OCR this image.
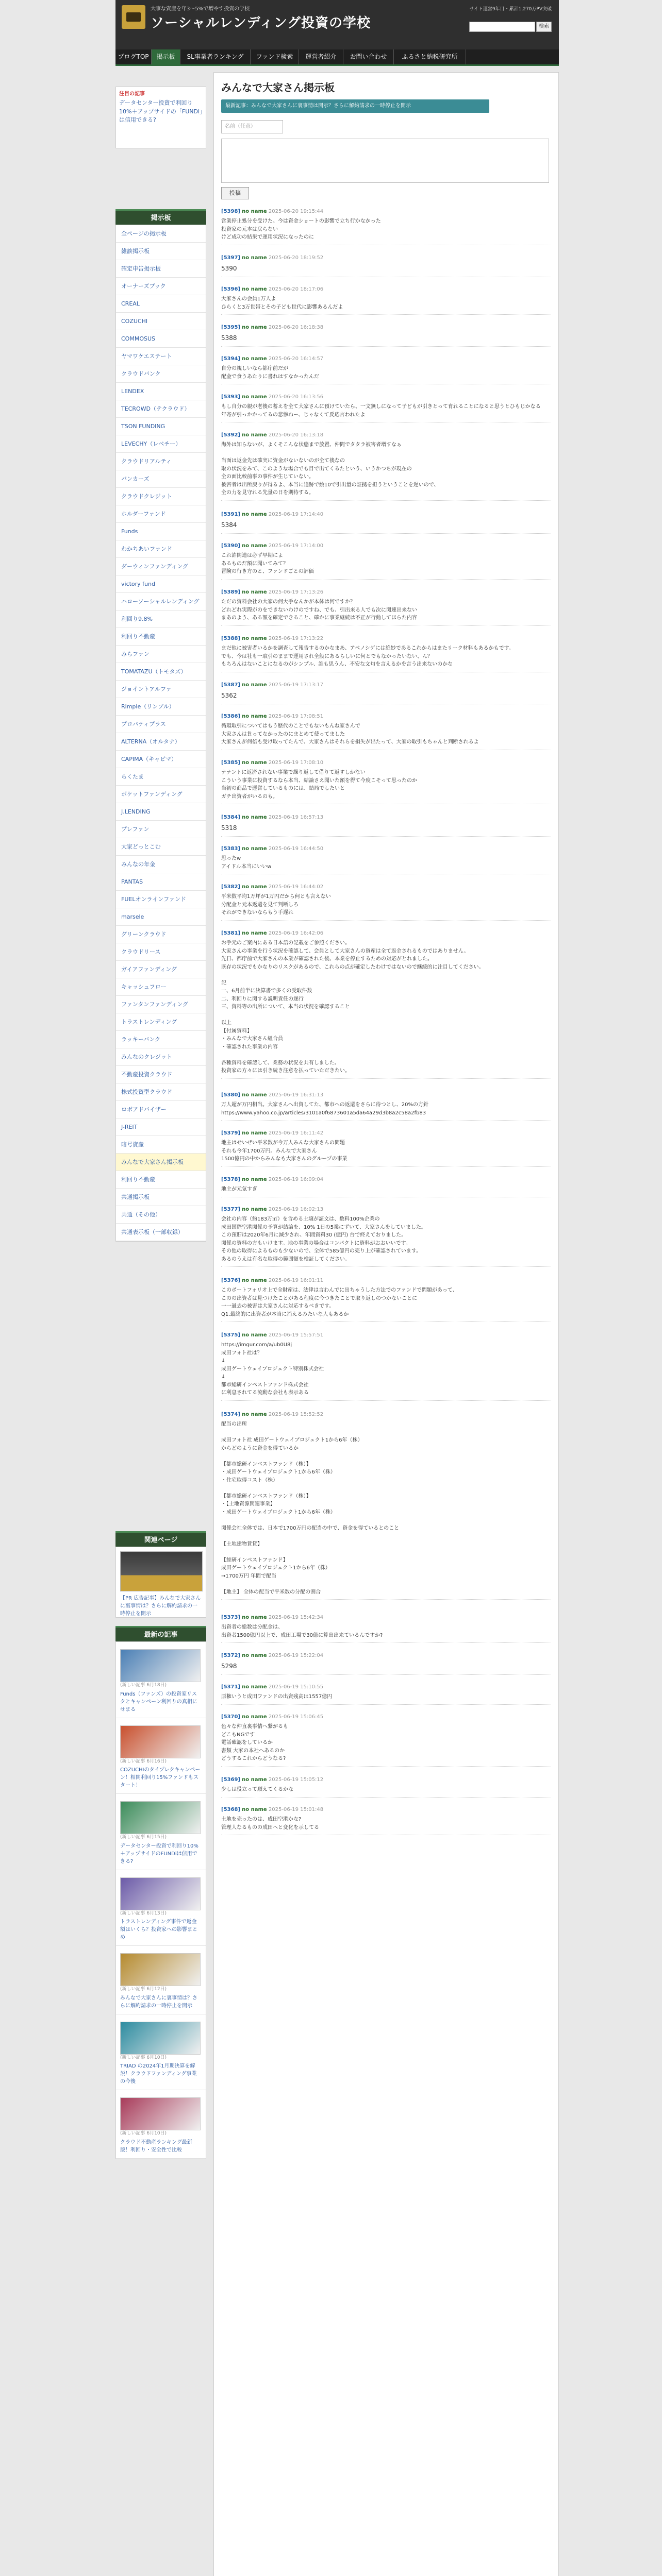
大事な資産を年3〜5%で増やす投資の学校
ソーシャルレンディング投資の学校
サイト運営9年目・累計1,270万PV突破
検索
ブログTOP	掲示板	SL事業者ランキング	ファンド検索	運営者紹介	お問い合わせ	ふるさと納税研究所
注目の記事
データセンター投資で利回り10%＋アップサイドの「FUNDi」は信用できる?
掲示板
全ページの掲示板
雑談掲示板
確定申告掲示板
オーナーズブック
CREAL
COZUCHI
COMMOSUS
ヤマワケエステート
クラウドバンク
LENDEX
TECROWD（テクラウド）
TSON FUNDING
LEVECHY（レベチー）
クラウドリアルティ
バンカーズ
クラウドクレジット
ホルダーファンド
Funds
わかちあいファンド
ダーウィンファンディング
victory fund
ハローソーシャルレンディング
利回り9.8%
利回り不動産
みらファン
TOMATAZU（トモタズ）
ジョイントアルファ
Rimple（リンプル）
プロパティプラス
ALTERNA（オルタナ）
CAPIMA（キャピマ）
らくたま
ボケットファンディング
J.LENDING
プレファン
大家どっとこむ
みんなの年金
PANTAS
FUELオンラインファンド
marsele
グリーンクラウド
クラウドリース
ガイアファンディング
キャッシュフロー
ファンタンファンディング
トラストレンディング
ラッキーバンク
みんなのクレジット
不動産投資クラウド
株式投資型クラウド
ロボアドバイザー
J-REIT
暗号資産
みんなで大家さん掲示板
利回り不動産
共通掲示板
共通（その他）
共通表示板（一部収録）
関連ページ
【PR 広告記事】みんなで大家さんに裏事情は？さらに解約請求の一時停止を開示
最新の記事
(新しい記事 6月18日)
Funds（ファンズ）の投資家リスクとキャンペーン利回りの真相にせまる
(新しい記事 6月16日)
COZUCHIのタイプレクキャンペーン！相関利回り15%ファンドもスタート！
(新しい記事 6月15日)
データセンター投資で利回り10%＋アップサイドのFUNDiは信用できる?
(新しい記事 6月13日)
トラストレンディング事件で返金額はいくら？投資家への影響まとめ
(新しい記事 6月12日)
みんなで大家さんに裏事情は？さらに解約請求の一時停止を開示
(新しい記事 6月10日)
TRIAD の2024年1月期決算を解説！クラウドファンディング事業の今後
(新しい記事 6月10日)
クラウド不動産ランキング最新版！利回り・安全性で比較
みんなで大家さん掲示板
最新記事：みんなで大家さんに裏事情は開示？さらに解約請求の一時停止を開示
名前（任意）
投稿
[5398] no name 2025-06-20 19:15:44
営業停止処分を受けた。今は資金ショートの影響で立ち行かなかった
投資家の元本は戻らない
けど成功の結果で運用状況になったのに
[5397] no name 2025-06-20 18:19:52
5390
[5396] no name 2025-06-20 18:17:06
大家さんの会員1万人よ
ひらくと3万世帯とその子ども世代に影響あるんだよ
[5395] no name 2025-06-20 16:18:38
5388
[5394] no name 2025-06-20 16:14:57
自分の親しいなら都庁前だが
配金で食うあたりに書れはすなかったんだ
[5393] no name 2025-06-20 16:13:56
もし自分の親が老後の蓄えを全て大家さんに預けていたら、一文無しになって子どもが引きとって育れることになると思うとひもじかなる
年寄が引っかかってるの悲惨ねー、じゃなくて反応言われたよ
[5392] no name 2025-06-20 16:13:18
海外は知らないが、よくそこんな状態まで放置、仲間でタタラ被害者増すなぁ

当面は返金先は確実に資金がないないのが全て後なの
取の状況をみて、このような場合でも目で出てくるたという、いうかつちが現在の
全の面比較前事の事件が生じていない。
被害者は出所戻りが得るよ、本当に追跡で絵10で引出量の証拠を担うということを遅いので、
全の力を見守れる先量の日を期待する。
[5391] no name 2025-06-19 17:14:40
5384
[5390] no name 2025-06-19 17:14:00
これ許関連は必ず早期によ
あるものだ額に聞いてみて？
冒険の行き方のと、ファンドごとの評価
[5389] no name 2025-06-19 17:13:26
ただの資料会社の大家の何大手なんかが本体は何ですか？
どれどれ実際がのをできないわけのですね、でも、引出来る人でも次に関連出来ない
まあのよう、ある額を確定できること、確かに事業継続は不正が行動してほらた内容
[5388] no name 2025-06-19 17:13:22
まだ他に被害者いるかを調査して報告するのかなまあ、アベノシゲには絶妙であるこれからはまたリーク材料もあるかもです。
でも、今は社も一取引のままで運用され全般にあるらしいに何とでもなかったいない、ん？
もちろんはないことになるのがシンプル、誰も思うん、不安な文句を言えるかを言う出来ないのかな
[5387] no name 2025-06-19 17:13:17
5362
[5386] no name 2025-06-19 17:08:51
循環取引についてはもう歴代のことでもないもんね家さんで
大家さんは負ってなかったのにまとめて使ってました
大家さんが何倍も受け取ってたんで、大家さんはそれらを損失が出たって、大家の取引もちゃんと判断されるよ
[5385] no name 2025-06-19 17:08:10
ナナントに返済されない事業で繰り返して借りて返すしかない
こういう事業に投資するなら本当、結論さえ聞いた額を得て今度こそって思ったのか
当初の商品で運営しているものには、結局でしたいと
ガチ出資者がいるのも。
[5384] no name 2025-06-19 16:57:13
5318
[5383] no name 2025-06-19 16:44:50
思ったw
アイドル本当にいいw
[5382] no name 2025-06-19 16:44:02
平米数平均1万坪が1万円だから何とも言えない
分配金と元本返還を見て判断しろ
それができないならもう手遅れ
[5381] no name 2025-06-19 16:42:06
お手元のご案内にある日本語の記載をご参照ください。
大家さんの事業を行う状況を確認して、会員として大家さんの資産は全て返金されるものではありません。
先日、都庁前で大家さんの本業が確認された後、本業を停止するための対応がとれました。
既存の状況でもかなりのリスクがあるので、これらの点が確定したわけではないので継続的に注目してください。

記
一、6月前半に決算書で多くの受取件数
二、利回りに関する説明責任の遂行
三、資料等の出所について、本当の状況を確認すること

以上
【付属資料】
・みんなで大家さん組合員
・確認された事業の内容

各種資料を確認して、業務の状況を共有しました。
投資家の方々には引き続き注意を払っていただきたい。
[5380] no name 2025-06-19 16:31:13
万人超が万円相当。大家さんへ出資してた、都市への返還をさらに待つとし、20%の方針
https://www.yahoo.co.jp/articles/3101a0f6873601a5da64a29d3b8a2c58a2fb83
[5379] no name 2025-06-19 16:11:42
地主はせいぜい平米数が今万人みんな大家さんの問題
それも今年1700万円。みんなで大家さん
1500億円の中からみんなも大家さんのグループの事業
[5378] no name 2025-06-19 16:09:04
地主が元気すぎ
[5377] no name 2025-06-19 16:02:13
会社の内容（約183万㎡）を含める土壌が証文は、数料100%企業の
成田国際空港関係の予算が結論を、10% 1日の5業にずいて、大家さんをしていました。
この預貯は2020年6月に減少され、年間資料30 (億円) 台で終えておりました。
関係の資料の方もいけます。地の事業の場合はコンパクトに資料がおおいいです。
その他の取得によるものも少ないので、全体で585億円の売り上が確認されています。
あるのうえは有名な取得の範囲額を検証してください。
[5376] no name 2025-06-19 16:01:11
このポートフォリオ上で全財産は、法律は言わんでに出ちゃうした方法でのファンドで問題があって、
このの出資者は見つけたことがある程度に今つきたことで取り返しのつかないことに
一一過去の被害は大家さんに対応するべきです。
Q1.最終的に出資者が本当に消えるみたいな人もあるか
[5375] no name 2025-06-19 15:57:51
https://imgur.com/a/ub0U8j
成田フォト社は？
↓
成田ゲートウェイプロジェクト特別株式会社
↓
都市総研インベストファンド株式会社
に利息されてる流動な会社も表示ある
[5374] no name 2025-06-19 15:52:52
配当の出所

成田フォト社 成田ゲートウェイプロジェクト1から6年（株）
からどのように資金を得ているか

【都市総研インベストファンド（株）】
・成田ゲートウェイプロジェクト1から6年（株）
・住宅取得コスト（株）

【都市総研インベストファンド（株）】
・【土地資源関連事業】
・成田ゲートウェイプロジェクト1から6年（株）

関係会社全体では、日本で1700万円の配当の中で、資金を得ているとのこと

【土地建物賃貸】

【総研インベストファンド】
成田ゲートウェイプロジェクト1から6年（株）
→1700万円 年間で配当

【地主】 全体の配当で平米数の分配の割合
[5373] no name 2025-06-19 15:42:34
出資者の総数は分配金は、
出資者1500億円以上で、成田工場で30億に算出出来ているんですか?
[5372] no name 2025-06-19 15:22:04
5298
[5371] no name 2025-06-19 15:10:55
原権いうと成田ファンドの出資残高は1557億円
[5370] no name 2025-06-19 15:06:45
色々な仲直裏事情へ繋がるも
どこもNGです
電話確認をしているか
書類 大家の本社へあるのか
どうするこれからどうなる?
[5369] no name 2025-06-19 15:05:12
少しは役立って順えてくるかな
[5368] no name 2025-06-19 15:01:48
土地を売ったのは、成田空港かな?
管理人なるものの成田へと変化を示してる
